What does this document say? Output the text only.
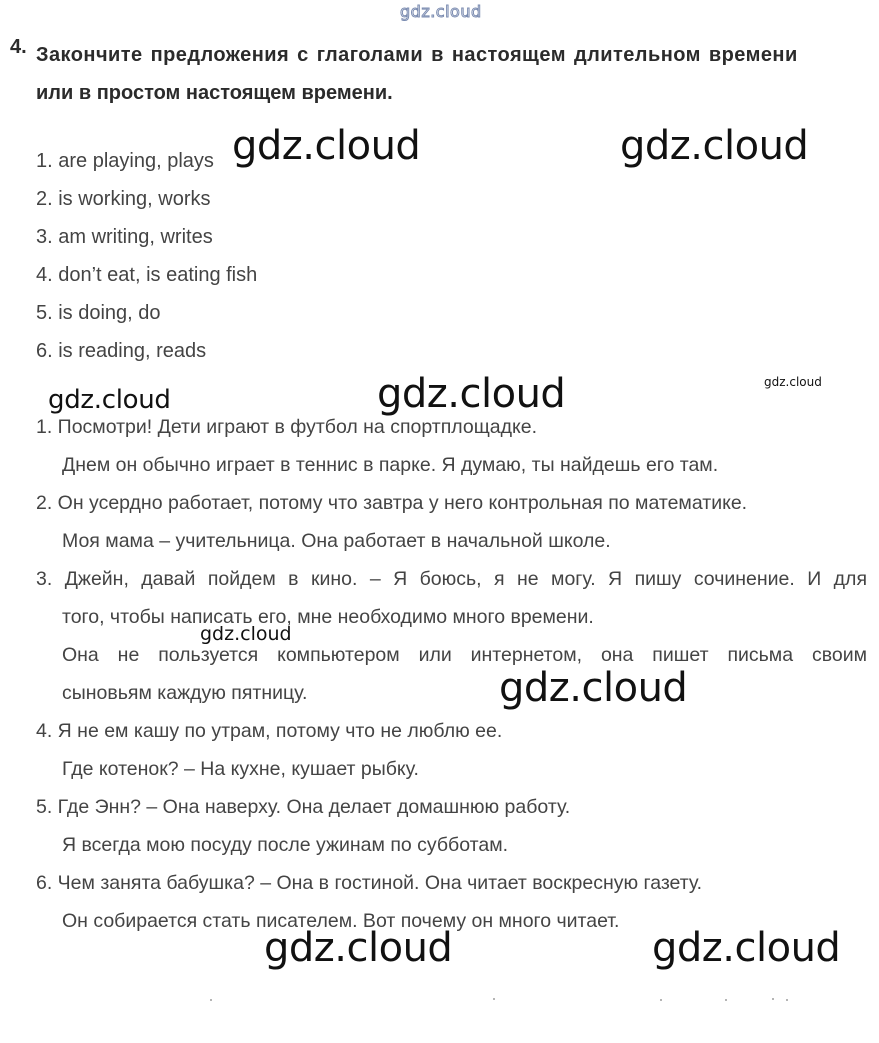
gdz.cloud
4. Закончите предложения с глаголами в настоящем длительном времени
или в простом настоящем времени.
1. are playing, plays
2. is working, works
3. am writing, writes
4. don’t eat, is eating fish
5. is doing, do
6. is reading, reads
1. Посмотри! Дети играют в футбол на спортплощадке.
Днем он обычно играет в теннис в парке. Я думаю, ты найдешь его там.
2. Он усердно работает, потому что завтра у него контрольная по математике.
Моя мама – учительница. Она работает в начальной школе.
3. Джейн, давай пойдем в кино. – Я боюсь, я не могу. Я пишу сочинение. И для
того, чтобы написать его, мне необходимо много времени.
Она не пользуется компьютером или интернетом, она пишет письма своим
сыновьям каждую пятницу.
4. Я не ем кашу по утрам, потому что не люблю ее.
Где котенок? – На кухне, кушает рыбку.
5. Где Энн? – Она наверху. Она делает домашнюю работу.
Я всегда мою посуду после ужинам по субботам.
6. Чем занята бабушка? – Она в гостиной. Она читает воскресную газету.
Он собирается стать писателем. Вот почему он много читает.
gdz.cloud	gdz.cloud
gdz.cloud	gdz.cloud	gdz.cloud
gdz.cloud
gdz.cloud
gdz.cloud	gdz.cloud
